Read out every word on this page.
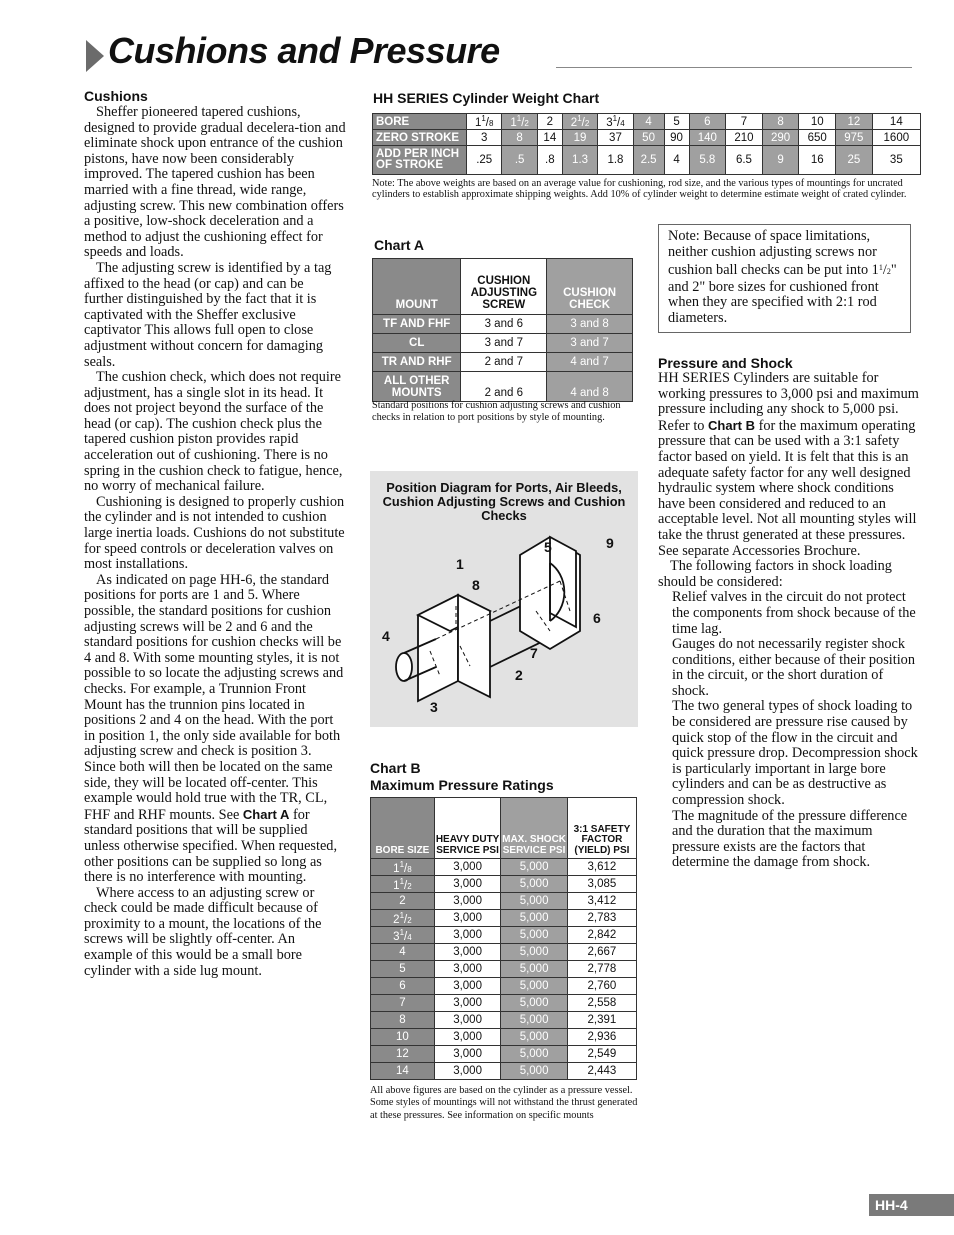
Cushions and Pressure
Cushions

Sheffer pioneered tapered cushions, designed to provide gradual decelera-tion and eliminate shock upon entrance of the cushion pistons, have now been considerably improved. The tapered cushion has been married with a fine thread, wide range, adjusting screw. This new combination offers a positive, low-shock deceleration and a method to adjust the cushioning effect for speeds and loads.

The adjusting screw is identified by a tag affixed to the head (or cap) and can be further distinguished by the fact that it is captivated with the Sheffer exclusive captivator This allows full open to close adjustment without concern for damaging seals.

The cushion check, which does not require adjustment, has a single slot in its head. It does not project beyond the surface of the head (or cap). The cushion check plus the tapered cushion piston provides rapid acceleration out of cushioning. There is no spring in the cushion check to fatigue, hence, no worry of mechanical failure.

Cushioning is designed to properly cushion the cylinder and is not intended to cushion large inertia loads. Cushions do not substitute for speed controls or deceleration valves on most installations.

As indicated on page HH-6, the standard positions for ports are 1 and 5. Where possible, the standard positions for cushion adjusting screws will be 2 and 6 and the standard positions for cushion checks will be 4 and 8. With some mounting styles, it is not possible to so locate the adjusting screws and checks. For example, a Trunnion Front Mount has the trunnion pins located in positions 2 and 4 on the head. With the port in position 1, the only side available for both adjusting screw and check is position 3. Since both will then be located on the same side, they will be located off-center. This example would hold true with the TR, CL, FHF and RHF mounts. See Chart A for standard positions that will be supplied unless otherwise specified. When requested, other positions can be supplied so long as there is no interference with mounting.

Where access to an adjusting screw or check could be made difficult because of proximity to a mount, the locations of the screws will be slightly off-center. An example of this would be a small bore cylinder with a side lug mount.

HH SERIES Cylinder Weight Chart
BORE	$1^1/8$	$1^1/2$	2	$2^1/2$	$3^1/4$	4	5	6	7	8	10	12	14
ZERO STROKE	3	8	14	19	37	50	90	140	210	290	650	975	1600
ADD PER INCH OF STROKE	.25	.5	.8	1.3	1.8	2.5	4	5.8	6.5	9	16	25	35
Note: The above weights are based on an average value for cushioning, rod size, and the various types of mountings for uncrated cylinders to establish approximate shipping weights. Add 10% of cylinder weight to determine estimate weight of crated cylinder.
Chart A
MOUNT	CUSHION ADJUSTING SCREW	CUSHION CHECK
TF AND FHF	3 and 6	3 and 8
CL	3 and 7	3 and 7
TR AND RHF	2 and 7	4 and 7
ALL OTHER MOUNTS	2 and 6	4 and 8
Standard positions for cushion adjusting screws and cushion checks in relation to port positions by style of mounting.
Note: Because of space limitations, neither cushion adjusting screws nor cushion ball checks can be put into $1^1/2$" and 2" bore sizes for cushioned front when they are specified with 2:1 rod diameters.
1
2
3
4
5
6
7
8
9
Position Diagram for Ports, Air Bleeds, Cushion Adjusting Screws and Cushion Checks
Chart B
Maximum Pressure Ratings
BORE SIZE	HEAVY DUTY SERVICE PSI	MAX. SHOCK SERVICE PSI	3:1 SAFETY FACTOR (YIELD) PSI
$1^1/8$	3,000	5,000	3,612
$1^1/2$	3,000	5,000	3,085
2	3,000	5,000	3,412
$2^1/2$	3,000	5,000	2,783
$3^1/4$	3,000	5,000	2,842
4	3,000	5,000	2,667
5	3,000	5,000	2,778
6	3,000	5,000	2,760
7	3,000	5,000	2,558
8	3,000	5,000	2,391
10	3,000	5,000	2,936
12	3,000	5,000	2,549
14	3,000	5,000	2,443
All above figures are based on the cylinder as a pressure vessel. Some styles of mountings will not withstand the thrust generated at these pressures. See information on specific mounts
Pressure and Shock

HH SERIES Cylinders are suitable for working pressures to 3,000 psi and maximum pressure including any shock to 5,000 psi. Refer to Chart B for the maximum operating pressure that can be used with a 3:1 safety factor based on yield. It is felt that this is an adequate safety factor for any well designed hydraulic system where shock conditions have been considered and reduced to an acceptable level. Not all mounting styles will take the thrust generated at these pressures. See separate Accessories Brochure.

The following factors in shock loading should be considered:

Relief valves in the circuit do not protect the components from shock because of the time lag.

Gauges do not necessarily register shock conditions, either because of their position in the circuit, or the short duration of shock.

The two general types of shock loading to be considered are pressure rise caused by quick stop of the flow in the circuit and quick pressure drop. Decompression shock is particularly important in large bore cylinders and can be as destructive as compression shock.

The magnitude of the pressure difference and the duration that the maximum pressure exists are the factors that determine the damage from shock.

HH-4
